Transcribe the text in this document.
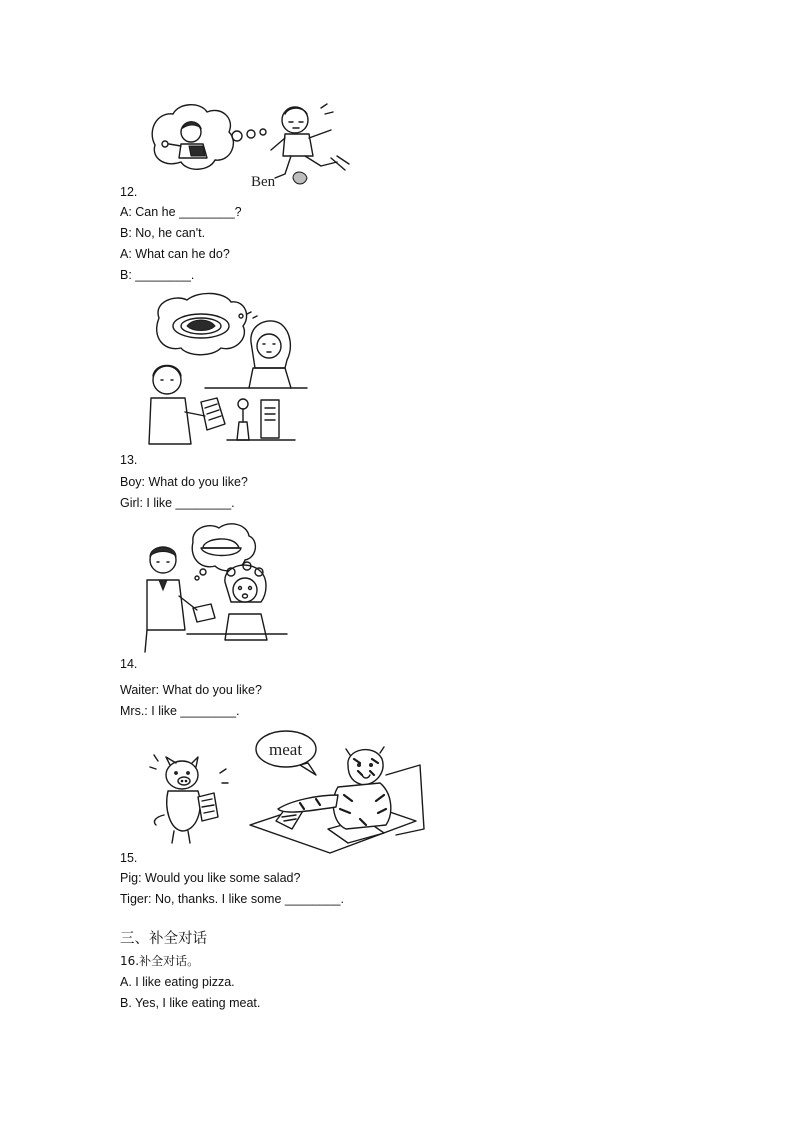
Ben
12.
A: Can he ________?
B: No, he can't.
A: What can he do?
B: ________.
13.
Boy: What do you like?
Girl: I like ________.
14.
Waiter: What do you like?
Mrs.: I like ________.
meat
15.
Pig: Would you like some salad?
Tiger: No, thanks. I like some ________.
三、补全对话
16.补全对话。
A. I like eating pizza.
B. Yes, I like eating meat.
